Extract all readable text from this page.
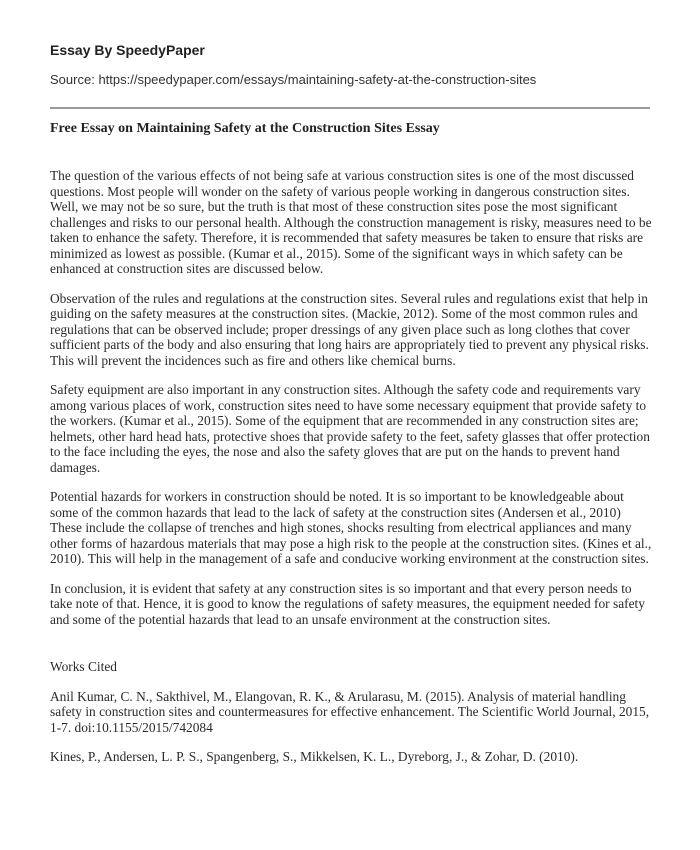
Essay By SpeedyPaper
Source: https://speedypaper.com/essays/maintaining-safety-at-the-construction-sites
Free Essay on Maintaining Safety at the Construction Sites Essay

The question of the various effects of not being safe at various construction sites is one of the most discussed questions. Most people will wonder on the safety of various people working in dangerous construction sites. Well, we may not be so sure, but the truth is that most of these construction sites pose the most significant challenges and risks to our personal health. Although the construction management is risky, measures need to be taken to enhance the safety. Therefore, it is recommended that safety measures be taken to ensure that risks are minimized as lowest as possible. (Kumar et al., 2015). Some of the significant ways in which safety can be enhanced at construction sites are discussed below.

Observation of the rules and regulations at the construction sites. Several rules and regulations exist that help in guiding on the safety measures at the construction sites. (Mackie, 2012). Some of the most common rules and regulations that can be observed include; proper dressings of any given place such as long clothes that cover sufficient parts of the body and also ensuring that long hairs are appropriately tied to prevent any physical risks. This will prevent the incidences such as fire and others like chemical burns.

Safety equipment are also important in any construction sites. Although the safety code and requirements vary among various places of work, construction sites need to have some necessary equipment that provide safety to the workers. (Kumar et al., 2015). Some of the equipment that are recommended in any construction sites are; helmets, other hard head hats, protective shoes that provide safety to the feet, safety glasses that offer protection to the face including the eyes, the nose and also the safety gloves that are put on the hands to prevent hand damages.

Potential hazards for workers in construction should be noted. It is so important to be knowledgeable about some of the common hazards that lead to the lack of safety at the construction sites (Andersen et al., 2010) These include the collapse of trenches and high stones, shocks resulting from electrical appliances and many other forms of hazardous materials that may pose a high risk to the people at the construction sites. (Kines et al., 2010). This will help in the management of a safe and conducive working environment at the construction sites.

In conclusion, it is evident that safety at any construction sites is so important and that every person needs to take note of that. Hence, it is good to know the regulations of safety measures, the equipment needed for safety and some of the potential hazards that lead to an unsafe environment at the construction sites.

Works Cited

Anil Kumar, C. N., Sakthivel, M., Elangovan, R. K., & Arularasu, M. (2015). Analysis of material handling safety in construction sites and countermeasures for effective enhancement. The Scientific World Journal, 2015, 1-7. doi:10.1155/2015/742084

Kines, P., Andersen, L. P. S., Spangenberg, S., Mikkelsen, K. L., Dyreborg, J., & Zohar, D. (2010).
